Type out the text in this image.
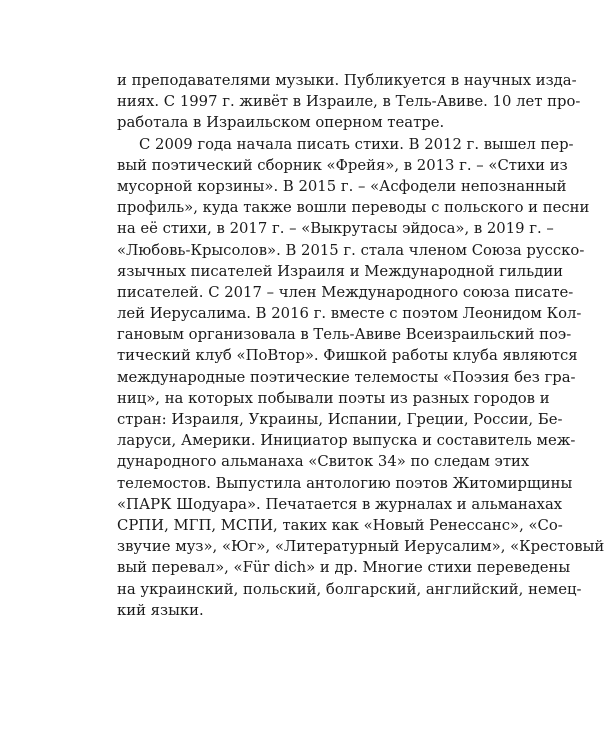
и преподавателями музыки. Публикуется в научных изда-
ниях. С 1997 г. живёт в Израиле, в Тель-Авиве. 10 лет про-
работала в Израильском оперном театре.
С 2009 года начала писать стихи. В 2012 г. вышел пер-
вый поэтический сборник «Фрейя», в 2013 г. – «Стихи из
мусорной корзины». В 2015 г. – «Асфодели непознанный
профиль», куда также вошли переводы с польского и песни
на её стихи, в 2017 г. – «Выкрутасы эйдоса», в 2019 г. –
«Любовь-Крысолов». В 2015 г. стала членом Союза русско-
язычных писателей Израиля и Международной гильдии
писателей. С 2017 – член Международного союза писате-
лей Иерусалима. В 2016 г. вместе с поэтом Леонидом Кол-
гановым организовала в Тель-Авиве Всеизраильский поэ-
тический клуб «ПоВтор». Фишкой работы клуба являются
международные поэтические телемосты «Поэзия без гра-
ниц», на которых побывали поэты из разных городов и
стран: Израиля, Украины, Испании, Греции, России, Бе-
ларуси, Америки. Инициатор выпуска и составитель меж-
дународного альманаха «Свиток 34» по следам этих
телемостов. Выпустила антологию поэтов Житомирщины
«ПАРК Шодуара». Печатается в журналах и альманахах
СРПИ, МГП, МСПИ, таких как «Новый Ренессанс», «Со-
звучие муз», «Юг», «Литературный Иерусалим», «Крестовый
вый перевал», «Für dich» и др. Многие стихи переведены
на украинский, польский, болгарский, английский, немец-
кий языки.
